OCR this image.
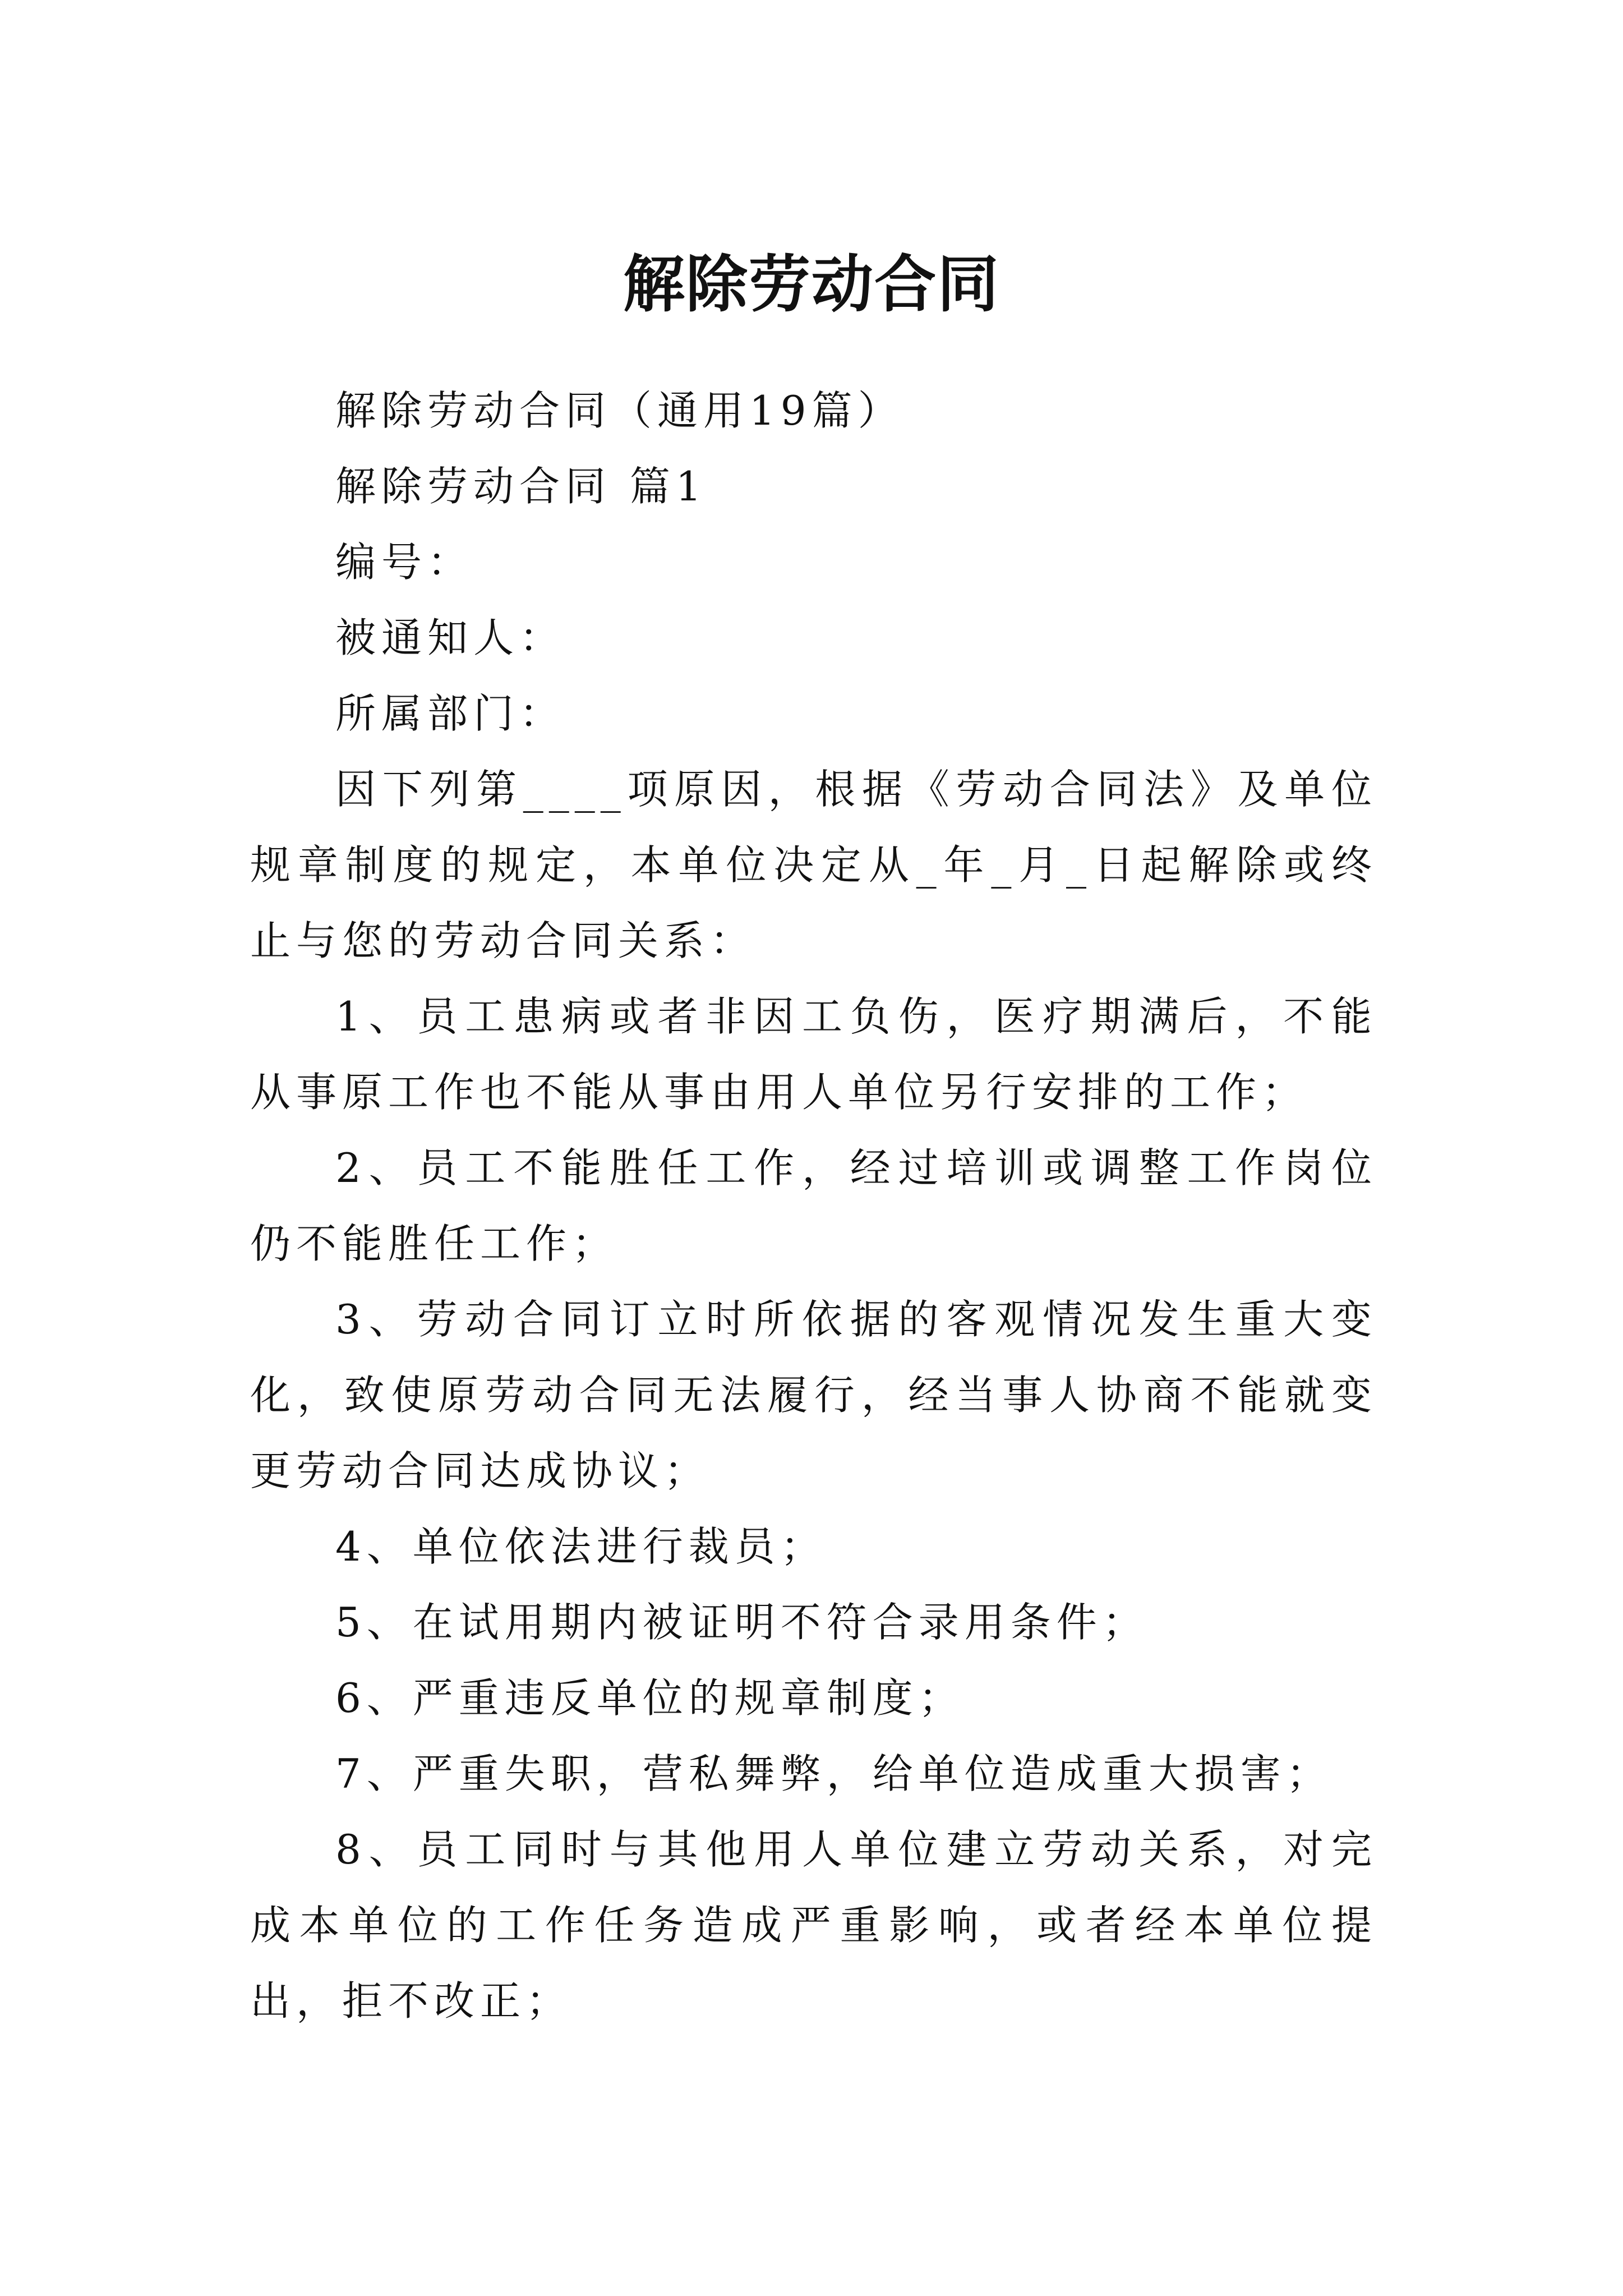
解除劳动合同

解除劳动合同（通用19篇）

解除劳动合同 篇1

编号：

被通知人：

所属部门：

因下列第____项原因，根据《劳动合同法》及单位规章制度的规定，本单位决定从_年_月_日起解除或终止与您的劳动合同关系：

1、员工患病或者非因工负伤，医疗期满后，不能从事原工作也不能从事由用人单位另行安排的工作；

2、员工不能胜任工作，经过培训或调整工作岗位仍不能胜任工作；

3、劳动合同订立时所依据的客观情况发生重大变化，致使原劳动合同无法履行，经当事人协商不能就变更劳动合同达成协议；

4、单位依法进行裁员；

5、在试用期内被证明不符合录用条件；

6、严重违反单位的规章制度；

7、严重失职，营私舞弊，给单位造成重大损害；

8、员工同时与其他用人单位建立劳动关系，对完成本单位的工作任务造成严重影响，或者经本单位提出，拒不改正；
